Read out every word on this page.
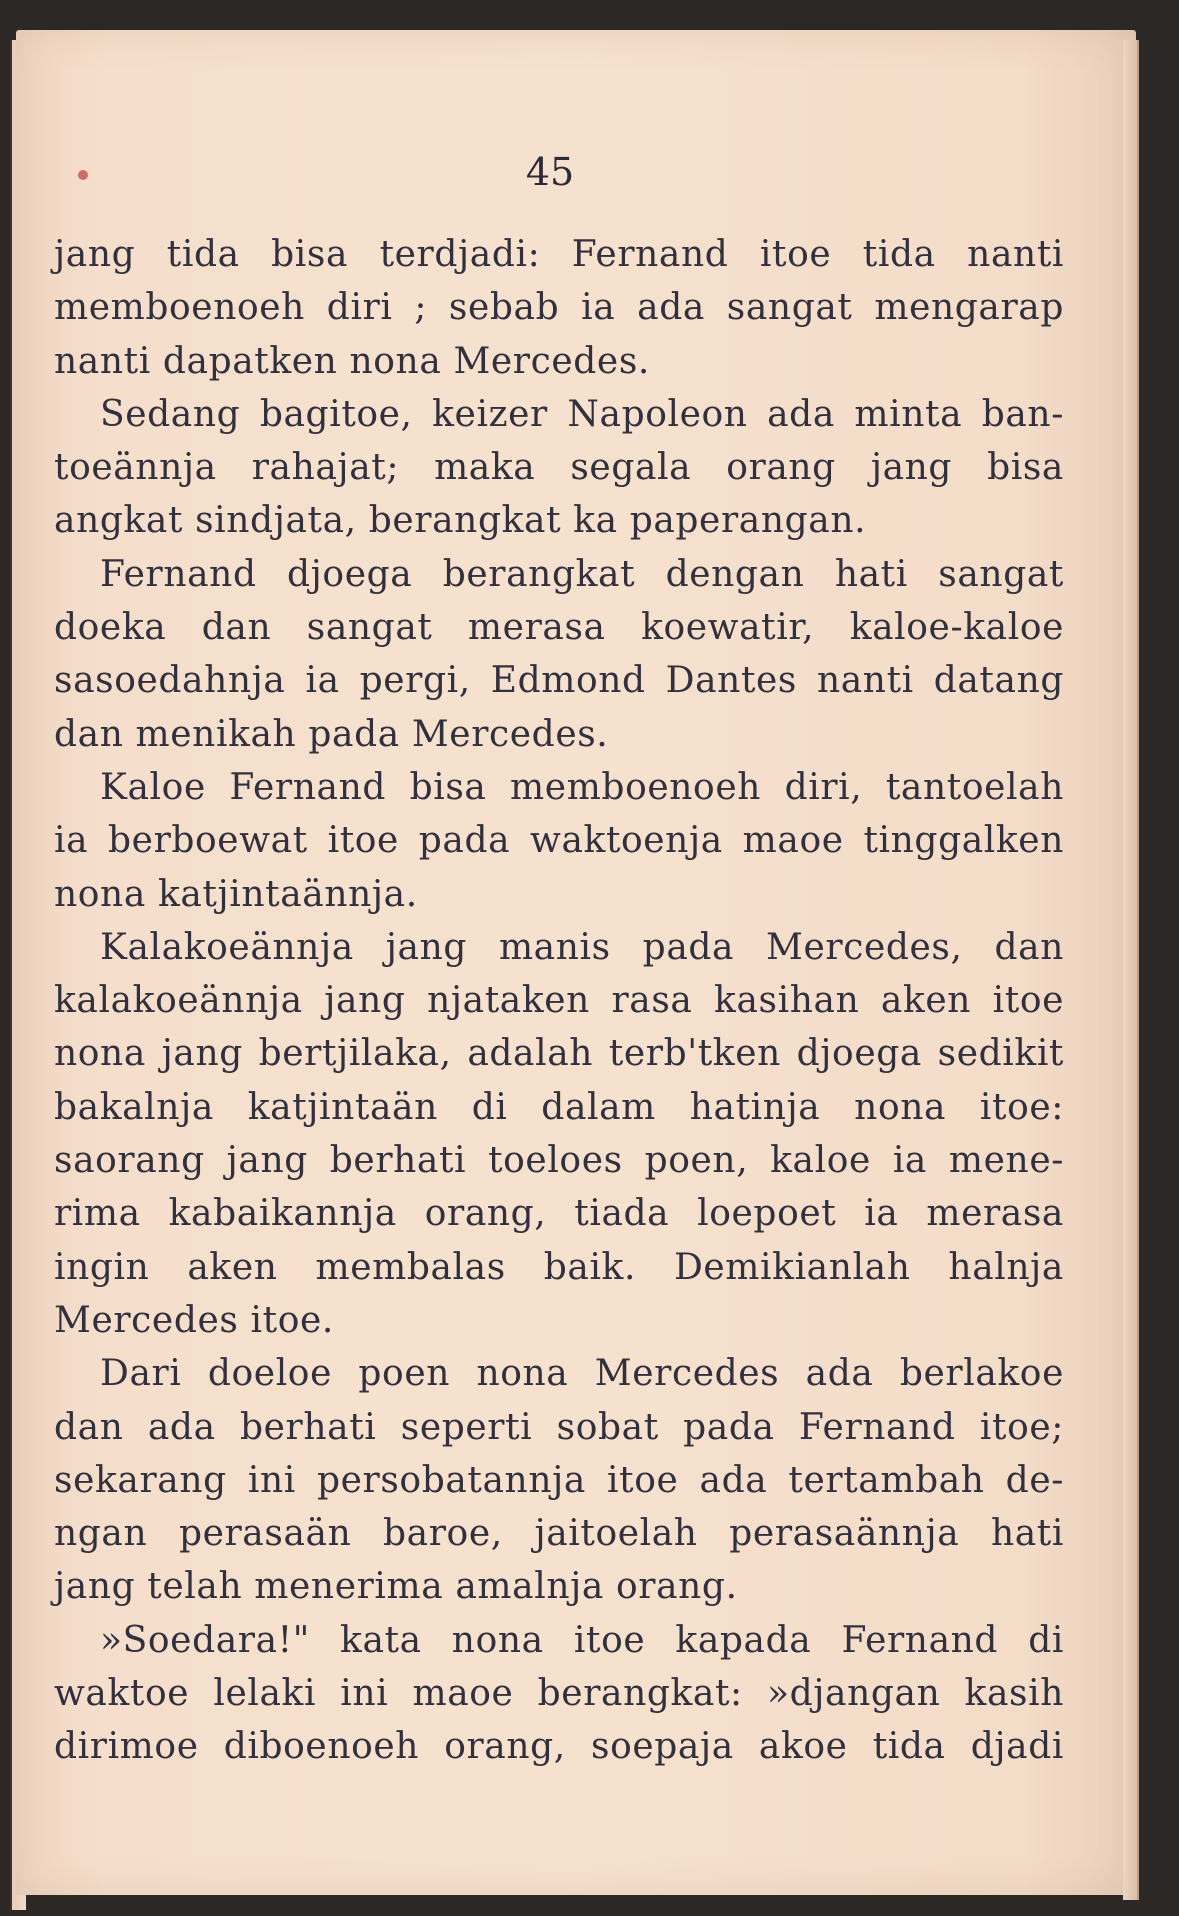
45
jang tida bisa terdjadi: Fernand itoe tida nanti
memboenoeh diri ; sebab ia ada sangat mengarap
nanti dapatken nona Mercedes.
Sedang bagitoe, keizer Napoleon ada minta ban-
toeännja rahajat; maka segala orang jang bisa
angkat sindjata, berangkat ka paperangan.
Fernand djoega berangkat dengan hati sangat
doeka dan sangat merasa koewatir, kaloe-kaloe
sasoedahnja ia pergi, Edmond Dantes nanti datang
dan menikah pada Mercedes.
Kaloe Fernand bisa memboenoeh diri, tantoelah
ia berboewat itoe pada waktoenja maoe tinggalken
nona katjintaännja.
Kalakoeännja jang manis pada Mercedes, dan
kalakoeännja jang njataken rasa kasihan aken itoe
nona jang bertjilaka, adalah terb'tken djoega sedikit
bakalnja katjintaän di dalam hatinja nona itoe:
saorang jang berhati toeloes poen, kaloe ia mene-
rima kabaikannja orang, tiada loepoet ia merasa
ingin aken membalas baik. Demikianlah halnja
Mercedes itoe.
Dari doeloe poen nona Mercedes ada berlakoe
dan ada berhati seperti sobat pada Fernand itoe;
sekarang ini persobatannja itoe ada tertambah de-
ngan perasaän baroe, jaitoelah perasaännja hati
jang telah menerima amalnja orang.
»Soedara!" kata nona itoe kapada Fernand di
waktoe lelaki ini maoe berangkat: »djangan kasih
dirimoe diboenoeh orang, soepaja akoe tida djadi
